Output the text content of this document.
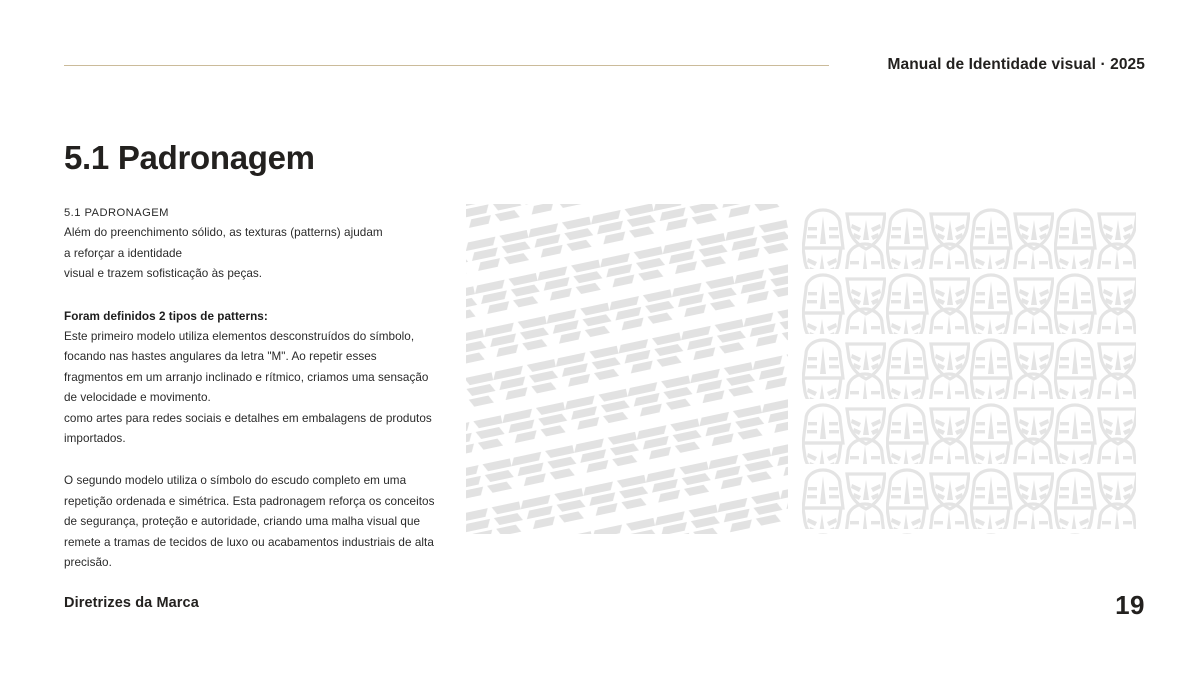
Manual de Identidade visual · 2025
5.1 Padronagem
5.1 PADRONAGEM
Além do preenchimento sólido, as texturas (patterns) ajudam
a reforçar a identidade
visual e trazem sofisticação às peças.
Foram definidos 2 tipos de patterns:

Este primeiro modelo utiliza elementos desconstruídos do símbolo, focando nas hastes angulares da letra "M". Ao repetir esses fragmentos em um arranjo inclinado e rítmico, criamos uma sensação de velocidade e movimento.

como artes para redes sociais e detalhes em embalagens de produtos importados.

O segundo modelo utiliza o símbolo do escudo completo em uma repetição ordenada e simétrica. Esta padronagem reforça os conceitos de segurança, proteção e autoridade, criando uma malha visual que remete a tramas de tecidos de luxo ou acabamentos industriais de alta precisão.

Diretrizes da Marca	19
